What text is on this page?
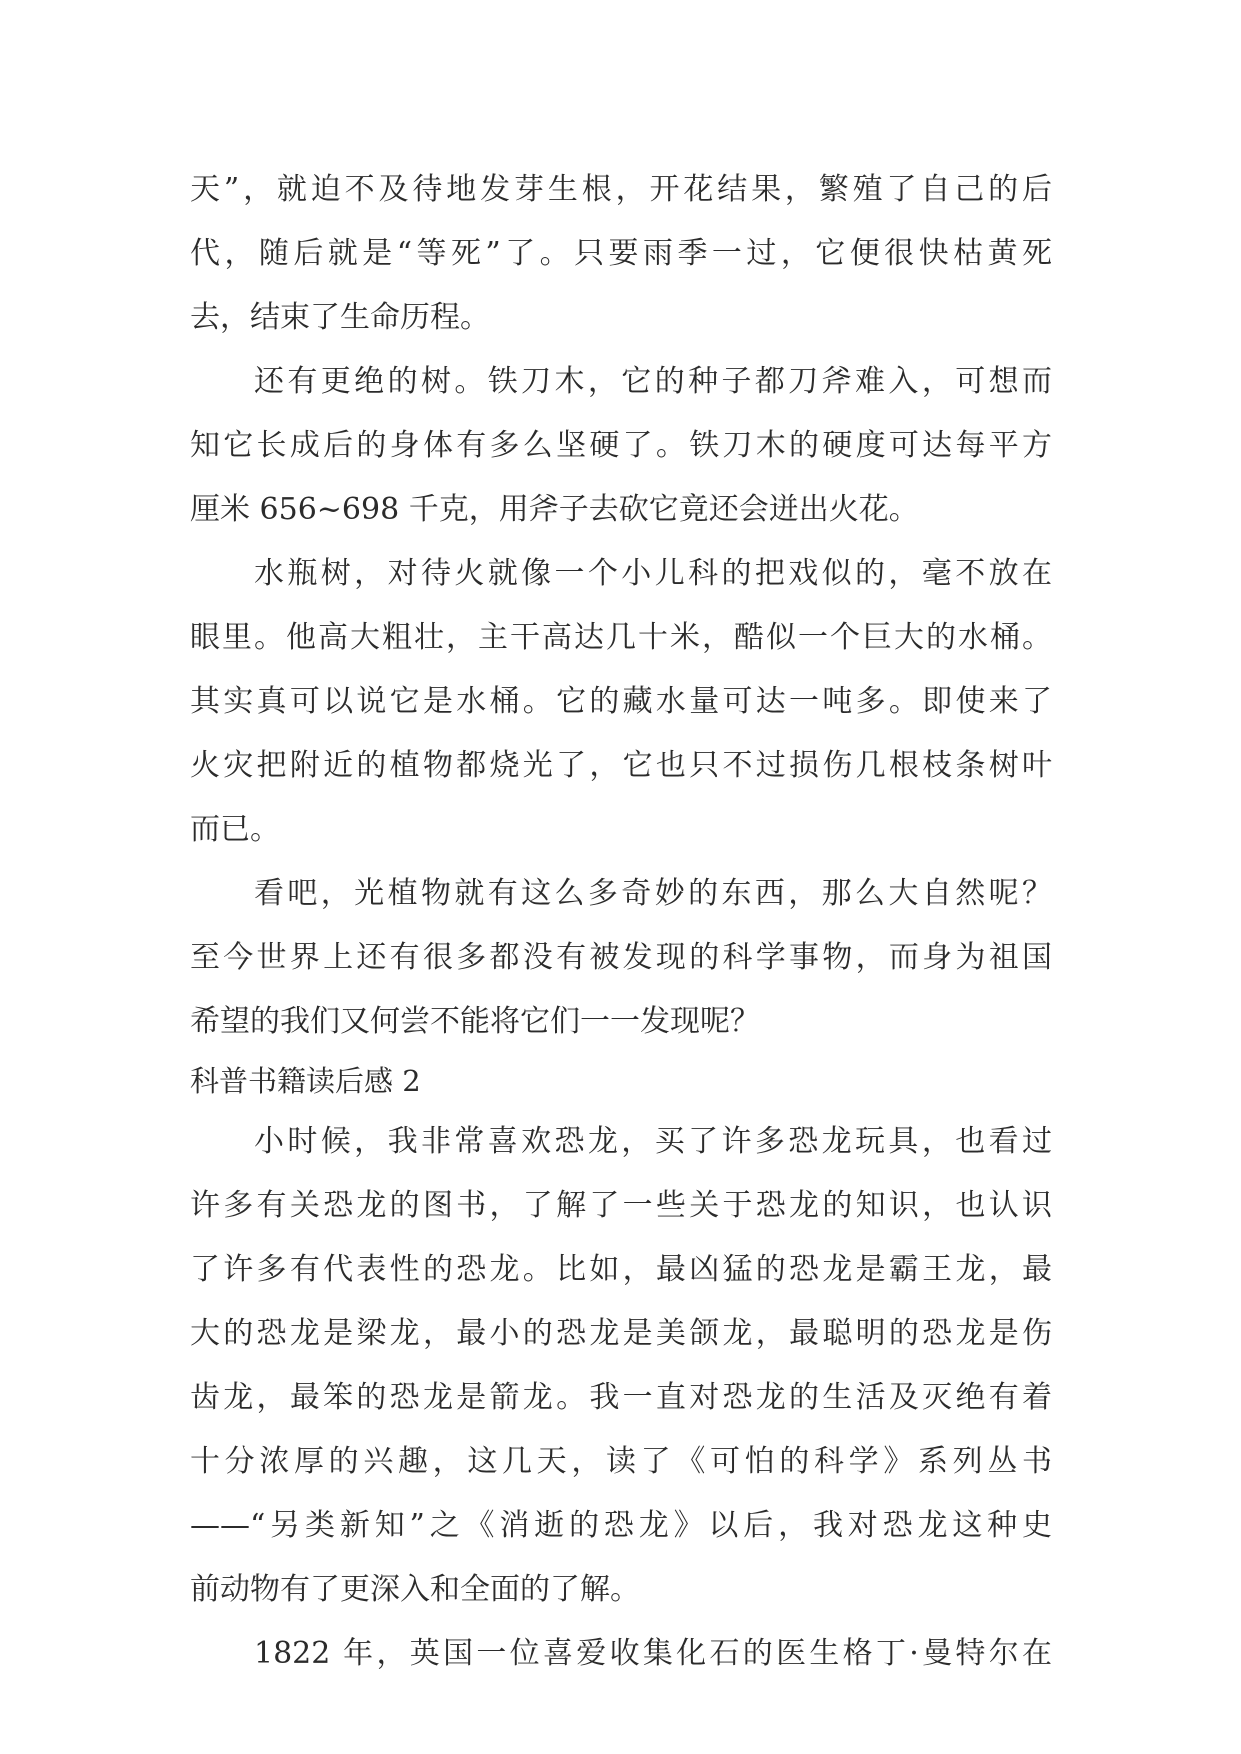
天”，就迫不及待地发芽生根，开花结果，繁殖了自己的后
代，随后就是“等死”了。只要雨季一过，它便很快枯黄死
去，结束了生命历程。
还有更绝的树。铁刀木，它的种子都刀斧难入，可想而
知它长成后的身体有多么坚硬了。铁刀木的硬度可达每平方
厘米 656~698 千克，用斧子去砍它竟还会迸出火花。
水瓶树，对待火就像一个小儿科的把戏似的，毫不放在
眼里。他高大粗壮，主干高达几十米，酷似一个巨大的水桶。
其实真可以说它是水桶。它的藏水量可达一吨多。即使来了
火灾把附近的植物都烧光了，它也只不过损伤几根枝条树叶
而已。
看吧，光植物就有这么多奇妙的东西，那么大自然呢？
至今世界上还有很多都没有被发现的科学事物，而身为祖国
希望的我们又何尝不能将它们一一发现呢？
科普书籍读后感 2
小时候，我非常喜欢恐龙，买了许多恐龙玩具，也看过
许多有关恐龙的图书，了解了一些关于恐龙的知识，也认识
了许多有代表性的恐龙。比如，最凶猛的恐龙是霸王龙，最
大的恐龙是梁龙，最小的恐龙是美颌龙，最聪明的恐龙是伤
齿龙，最笨的恐龙是箭龙。我一直对恐龙的生活及灭绝有着
十分浓厚的兴趣，这几天，读了《可怕的科学》系列丛书
——“另类新知”之《消逝的恐龙》以后，我对恐龙这种史
前动物有了更深入和全面的了解。
1822 年，英国一位喜爱收集化石的医生格丁·曼特尔在
